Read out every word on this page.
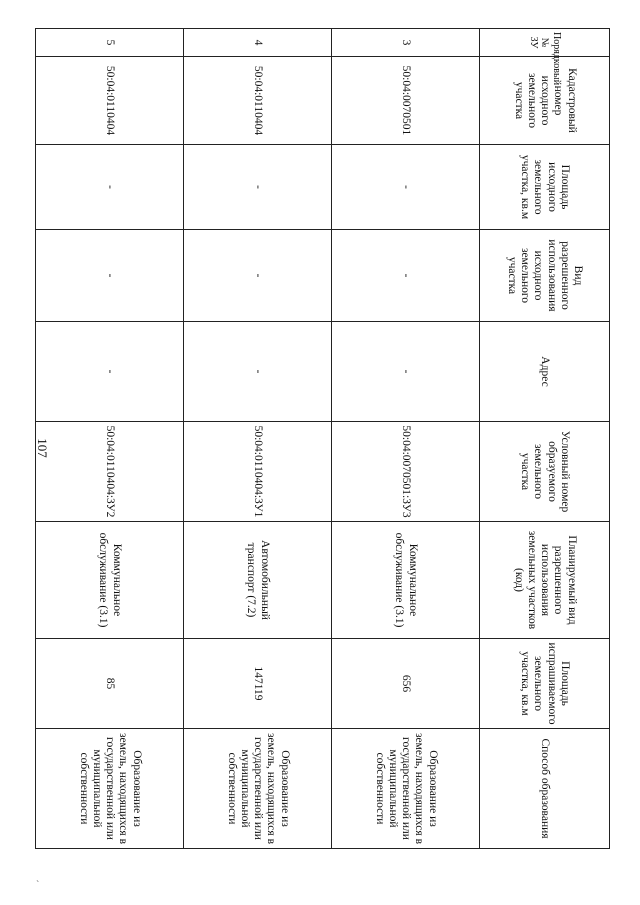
107
Порядковый № ЗУ	Кадастровый номер исходного земельного участка	Площадь исходного земельного участка, кв.м	Вид разрешенного использования исходного земельного участка	Адрес	Условный номер образуемого земельного участка	Планируемый вид разрешенного использования земельных участков (код)	Площадь испрашиваемого земельного участка, кв.м	Способ образования
3	50:04:0070501	-	-	-	50:04:0070501:ЗУ3	Коммунальное обслуживание (3.1)	656	Образование из земель, находящихся в государственной или муниципальной собственности
4	50:04:0110404	-	-	-	50:04:0110404:ЗУ1	Автомобильный транспорт (7.2)	147119	Образование из земель, находящихся в государственной или муниципальной собственности
5	50:04:0110404	-	-	-	50:04:0110404:ЗУ2	Коммунальное обслуживание (3.1)	85	Образование из земель, находящихся в государственной или муниципальной собственности
`
